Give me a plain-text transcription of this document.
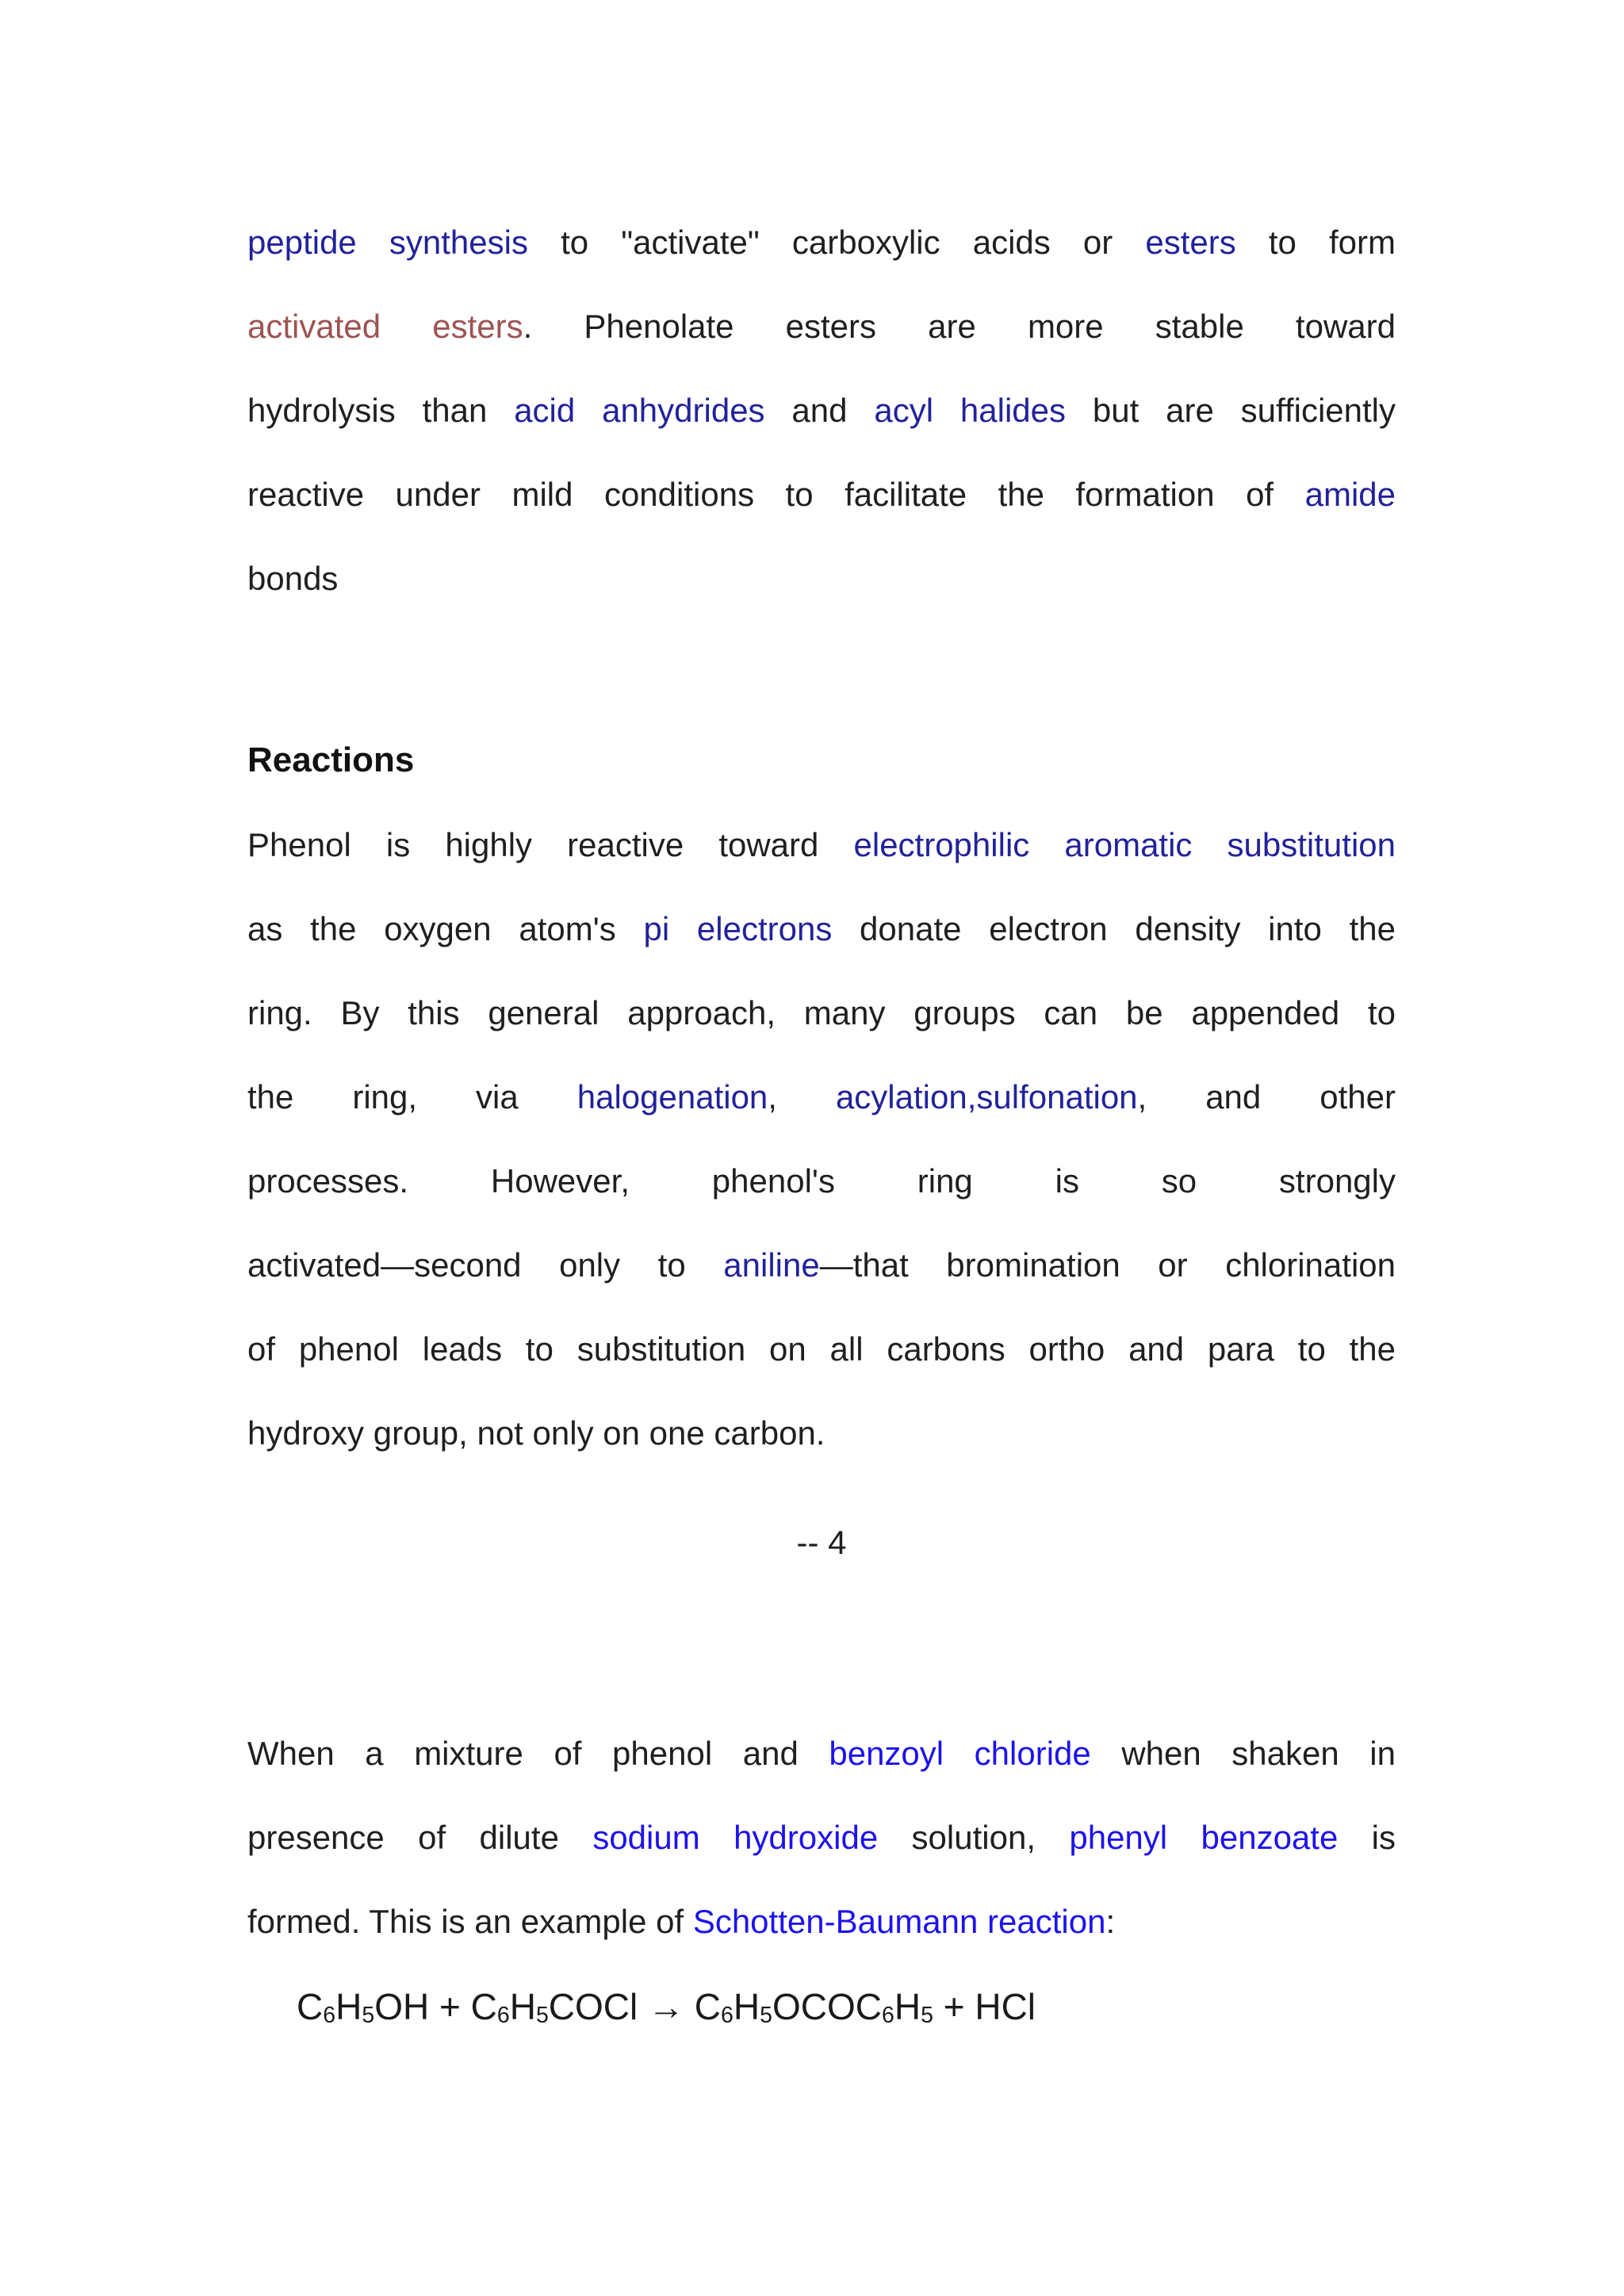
peptide synthesis to "activate" carboxylic acids or esters to form
activated esters. Phenolate esters are more stable toward
hydrolysis than acid anhydrides and acyl halides but are sufficiently
reactive under mild conditions to facilitate the formation of amide
bonds
Reactions
Phenol is highly reactive toward electrophilic aromatic substitution
as the oxygen atom's pi electrons donate electron density into the
ring. By this general approach, many groups can be appended to
the ring, via halogenation, acylation,sulfonation, and other
processes. However, phenol's ring is so strongly
activated—second only to aniline—that bromination or chlorination
of phenol leads to substitution on all carbons ortho and para to the
hydroxy group, not only on one carbon.
-- 4
When a mixture of phenol and benzoyl chloride when shaken in
presence of dilute sodium hydroxide solution, phenyl benzoate is
formed. This is an example of Schotten-Baumann reaction:
$C_6H_5OH$ + $C_6H_5COCl$ → $C_6H_5OCOC_6H_5$ + HCl
